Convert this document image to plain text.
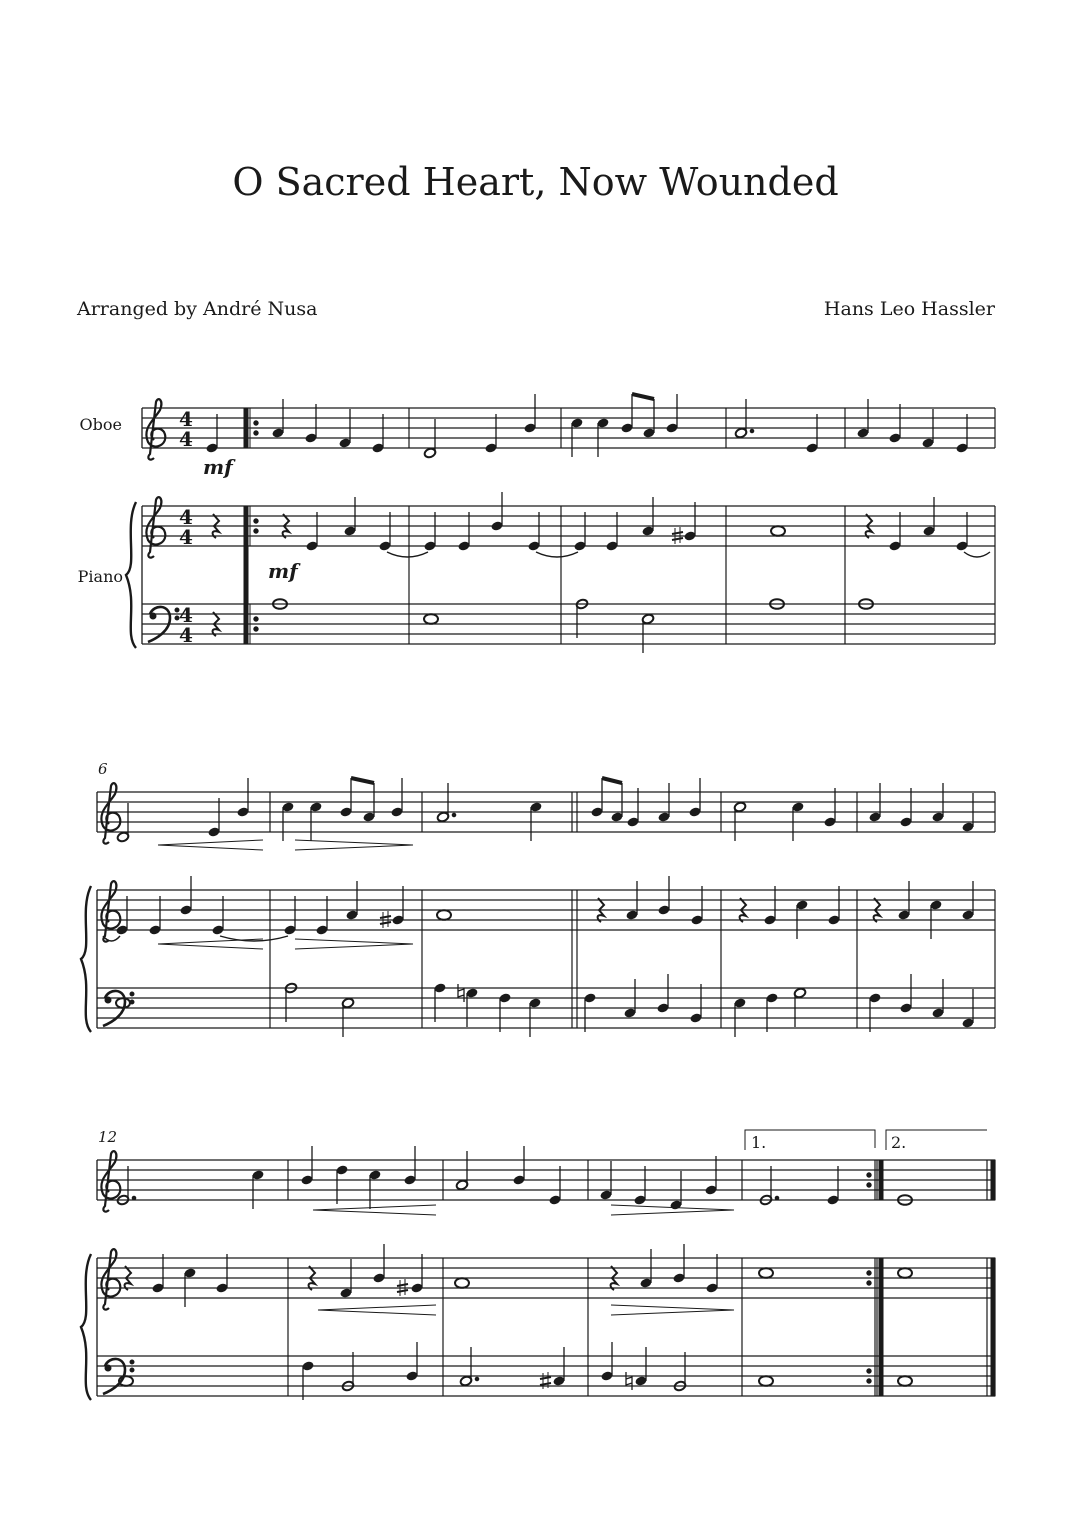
O Sacred Heart, Now Wounded
Arranged by André Nusa	Hans Leo Hassler
4
4
4
4
4
4
Oboe
Piano
mf
mf
6
12	1.	2.
